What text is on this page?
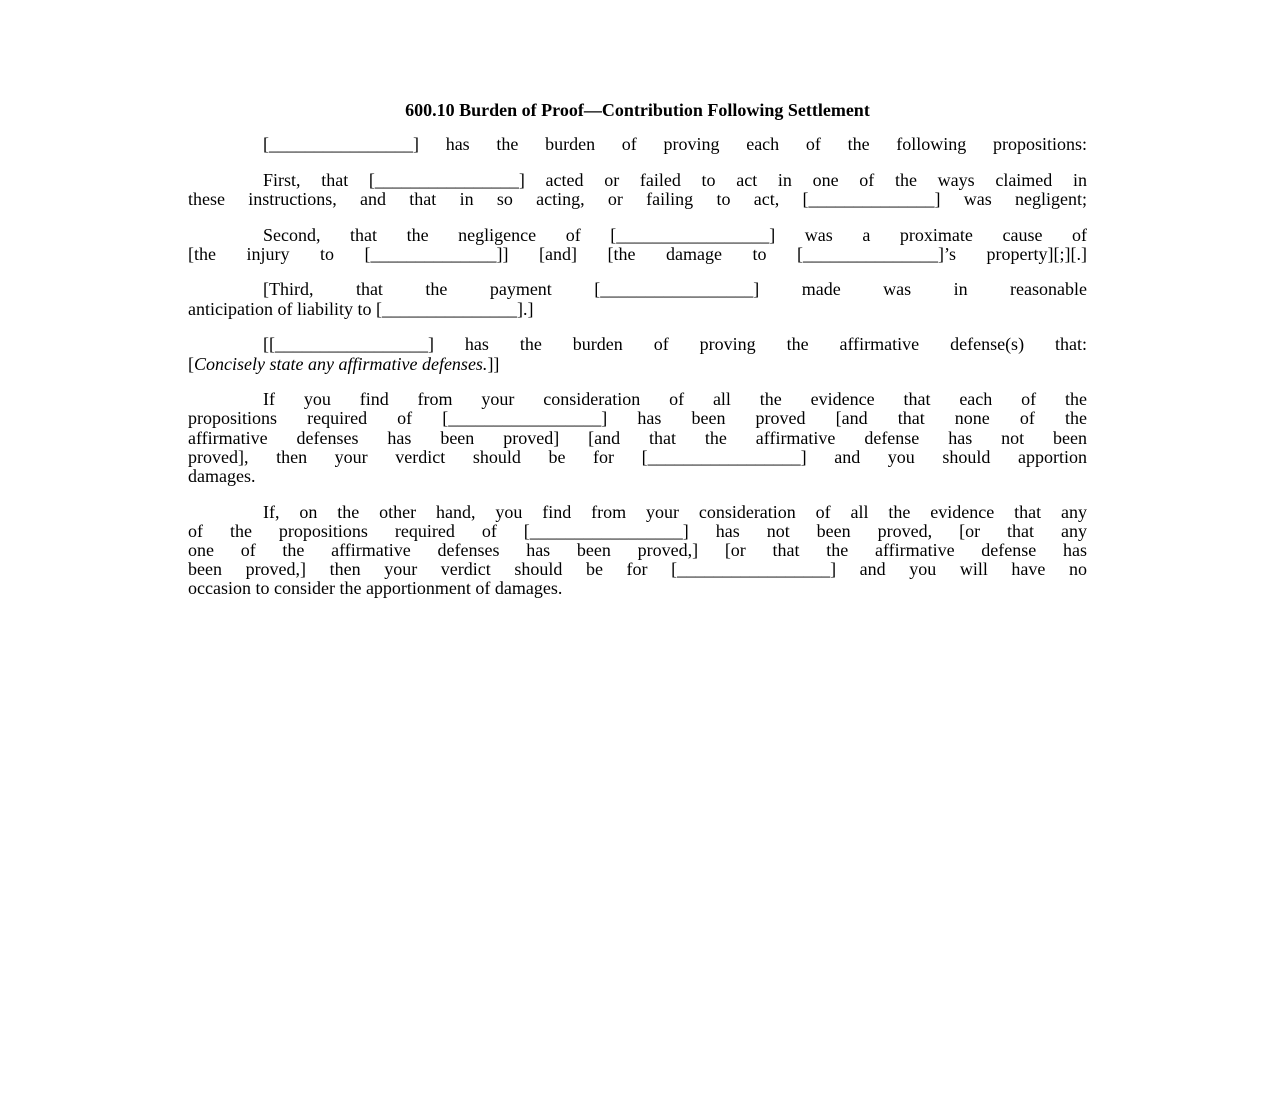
600.10 Burden of Proof—Contribution Following Settlement
[________________] has the burden of proving each of the following propositions:
First, that [________________] acted or failed to act in one of the ways claimed in
these instructions, and that in so acting, or failing to act, [______________] was negligent;
Second, that the negligence of [_________________] was a proximate cause of
[the injury to [______________]] [and] [the damage to [_______________]’s property][;][.]
[Third, that the payment [_________________] made was in reasonable
anticipation of liability to [_______________].]
[[_________________] has the burden of proving the affirmative defense(s) that:
[Concisely state any affirmative defenses.]]
If you find from your consideration of all the evidence that each of the
propositions required of [_________________] has been proved [and that none of the
affirmative defenses has been proved] [and that the affirmative defense has not been
proved], then your verdict should be for [_________________] and you should apportion
damages.
If, on the other hand, you find from your consideration of all the evidence that any
of the propositions required of [_________________] has not been proved, [or that any
one of the affirmative defenses has been proved,] [or that the affirmative defense has
been proved,] then your verdict should be for [_________________] and you will have no
occasion to consider the apportionment of damages.
